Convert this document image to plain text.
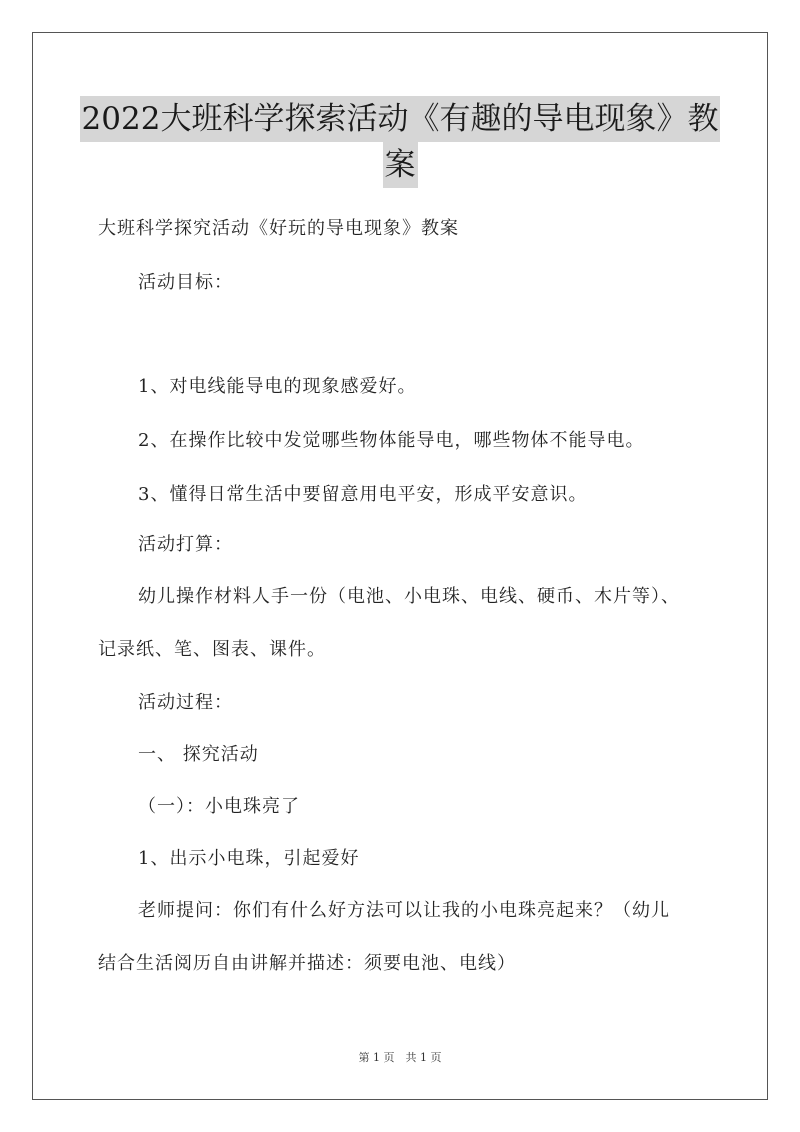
2022大班科学探索活动《有趣的导电现象》教
案
大班科学探究活动《好玩的导电现象》教案
活动目标：
1、对电线能导电的现象感爱好。
2、在操作比较中发觉哪些物体能导电，哪些物体不能导电。
3、懂得日常生活中要留意用电平安，形成平安意识。
活动打算：
幼儿操作材料人手一份（电池、小电珠、电线、硬币、木片等）、
记录纸、笔、图表、课件。
活动过程：
一、 探究活动
（一）：小电珠亮了
1、出示小电珠，引起爱好
老师提问：你们有什么好方法可以让我的小电珠亮起来？（幼儿
结合生活阅历自由讲解并描述：须要电池、电线）
第 1 页　共 1 页
